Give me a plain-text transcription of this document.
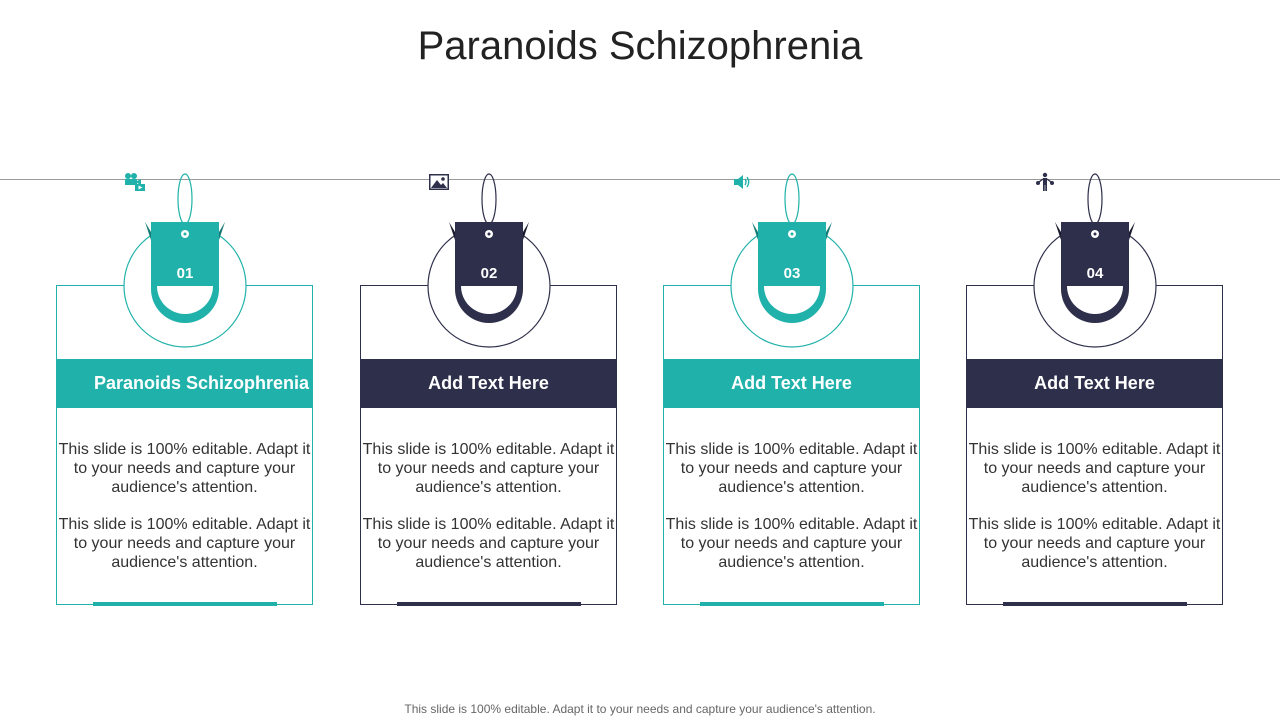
Paranoids Schizophrenia
Paranoids Schizophrenia

This slide is 100% editable. Adapt it to your needs and capture your audience's attention.

This slide is 100% editable. Adapt it to your needs and capture your audience's attention.

Add Text Here

This slide is 100% editable. Adapt it to your needs and capture your audience's attention.

This slide is 100% editable. Adapt it to your needs and capture your audience's attention.

Add Text Here

This slide is 100% editable. Adapt it to your needs and capture your audience's attention.

This slide is 100% editable. Adapt it to your needs and capture your audience's attention.

Add Text Here

This slide is 100% editable. Adapt it to your needs and capture your audience's attention.

This slide is 100% editable. Adapt it to your needs and capture your audience's attention.

01	02	03	04
This slide is 100% editable. Adapt it to your needs and capture your audience's attention.
